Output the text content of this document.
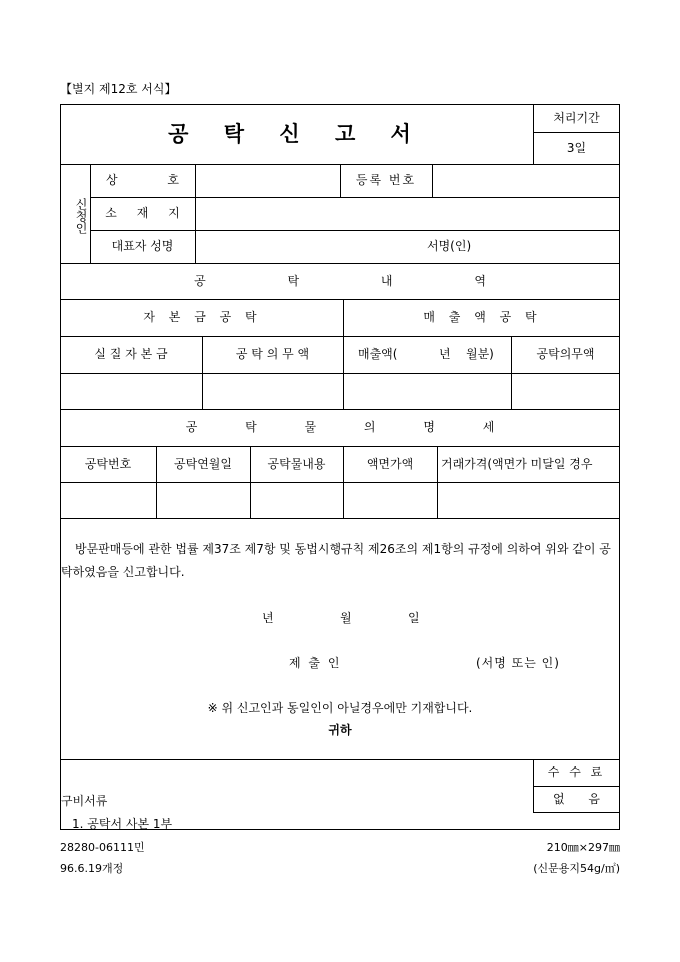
【별지 제12호 서식】
공 탁 신 고 서
처리기간
3일
신청인
상 호	등록 번호
소 재 지
대표자 성명	서명(인)
공 탁 내 역
자 본 금 공 탁	매 출 액 공 탁
실 질 자 본 금	공 탁 의 무 액	매출액(	년 월분)	공탁의무액
공 탁 물 의 명 세
공탁번호	공탁연월일	공탁물내용	액면가액	거래가격(액면가 미달일 경우
방문판매등에 관한 법률 제37조 제7항 및 동법시행규칙 제26조의 제1항의 규정에 의하여 위와 같이 공탁하였음을 신고합니다.
년	월	일
제 출 인	(서명 또는 인)
※ 위 신고인과 동일인이 아닐경우에만 기재합니다.
귀하
수 수 료
없 음
구비서류
1. 공탁서 사본 1부
28280-06111민
96.6.19개정
210㎜×297㎜
(신문용지54g/㎡)
